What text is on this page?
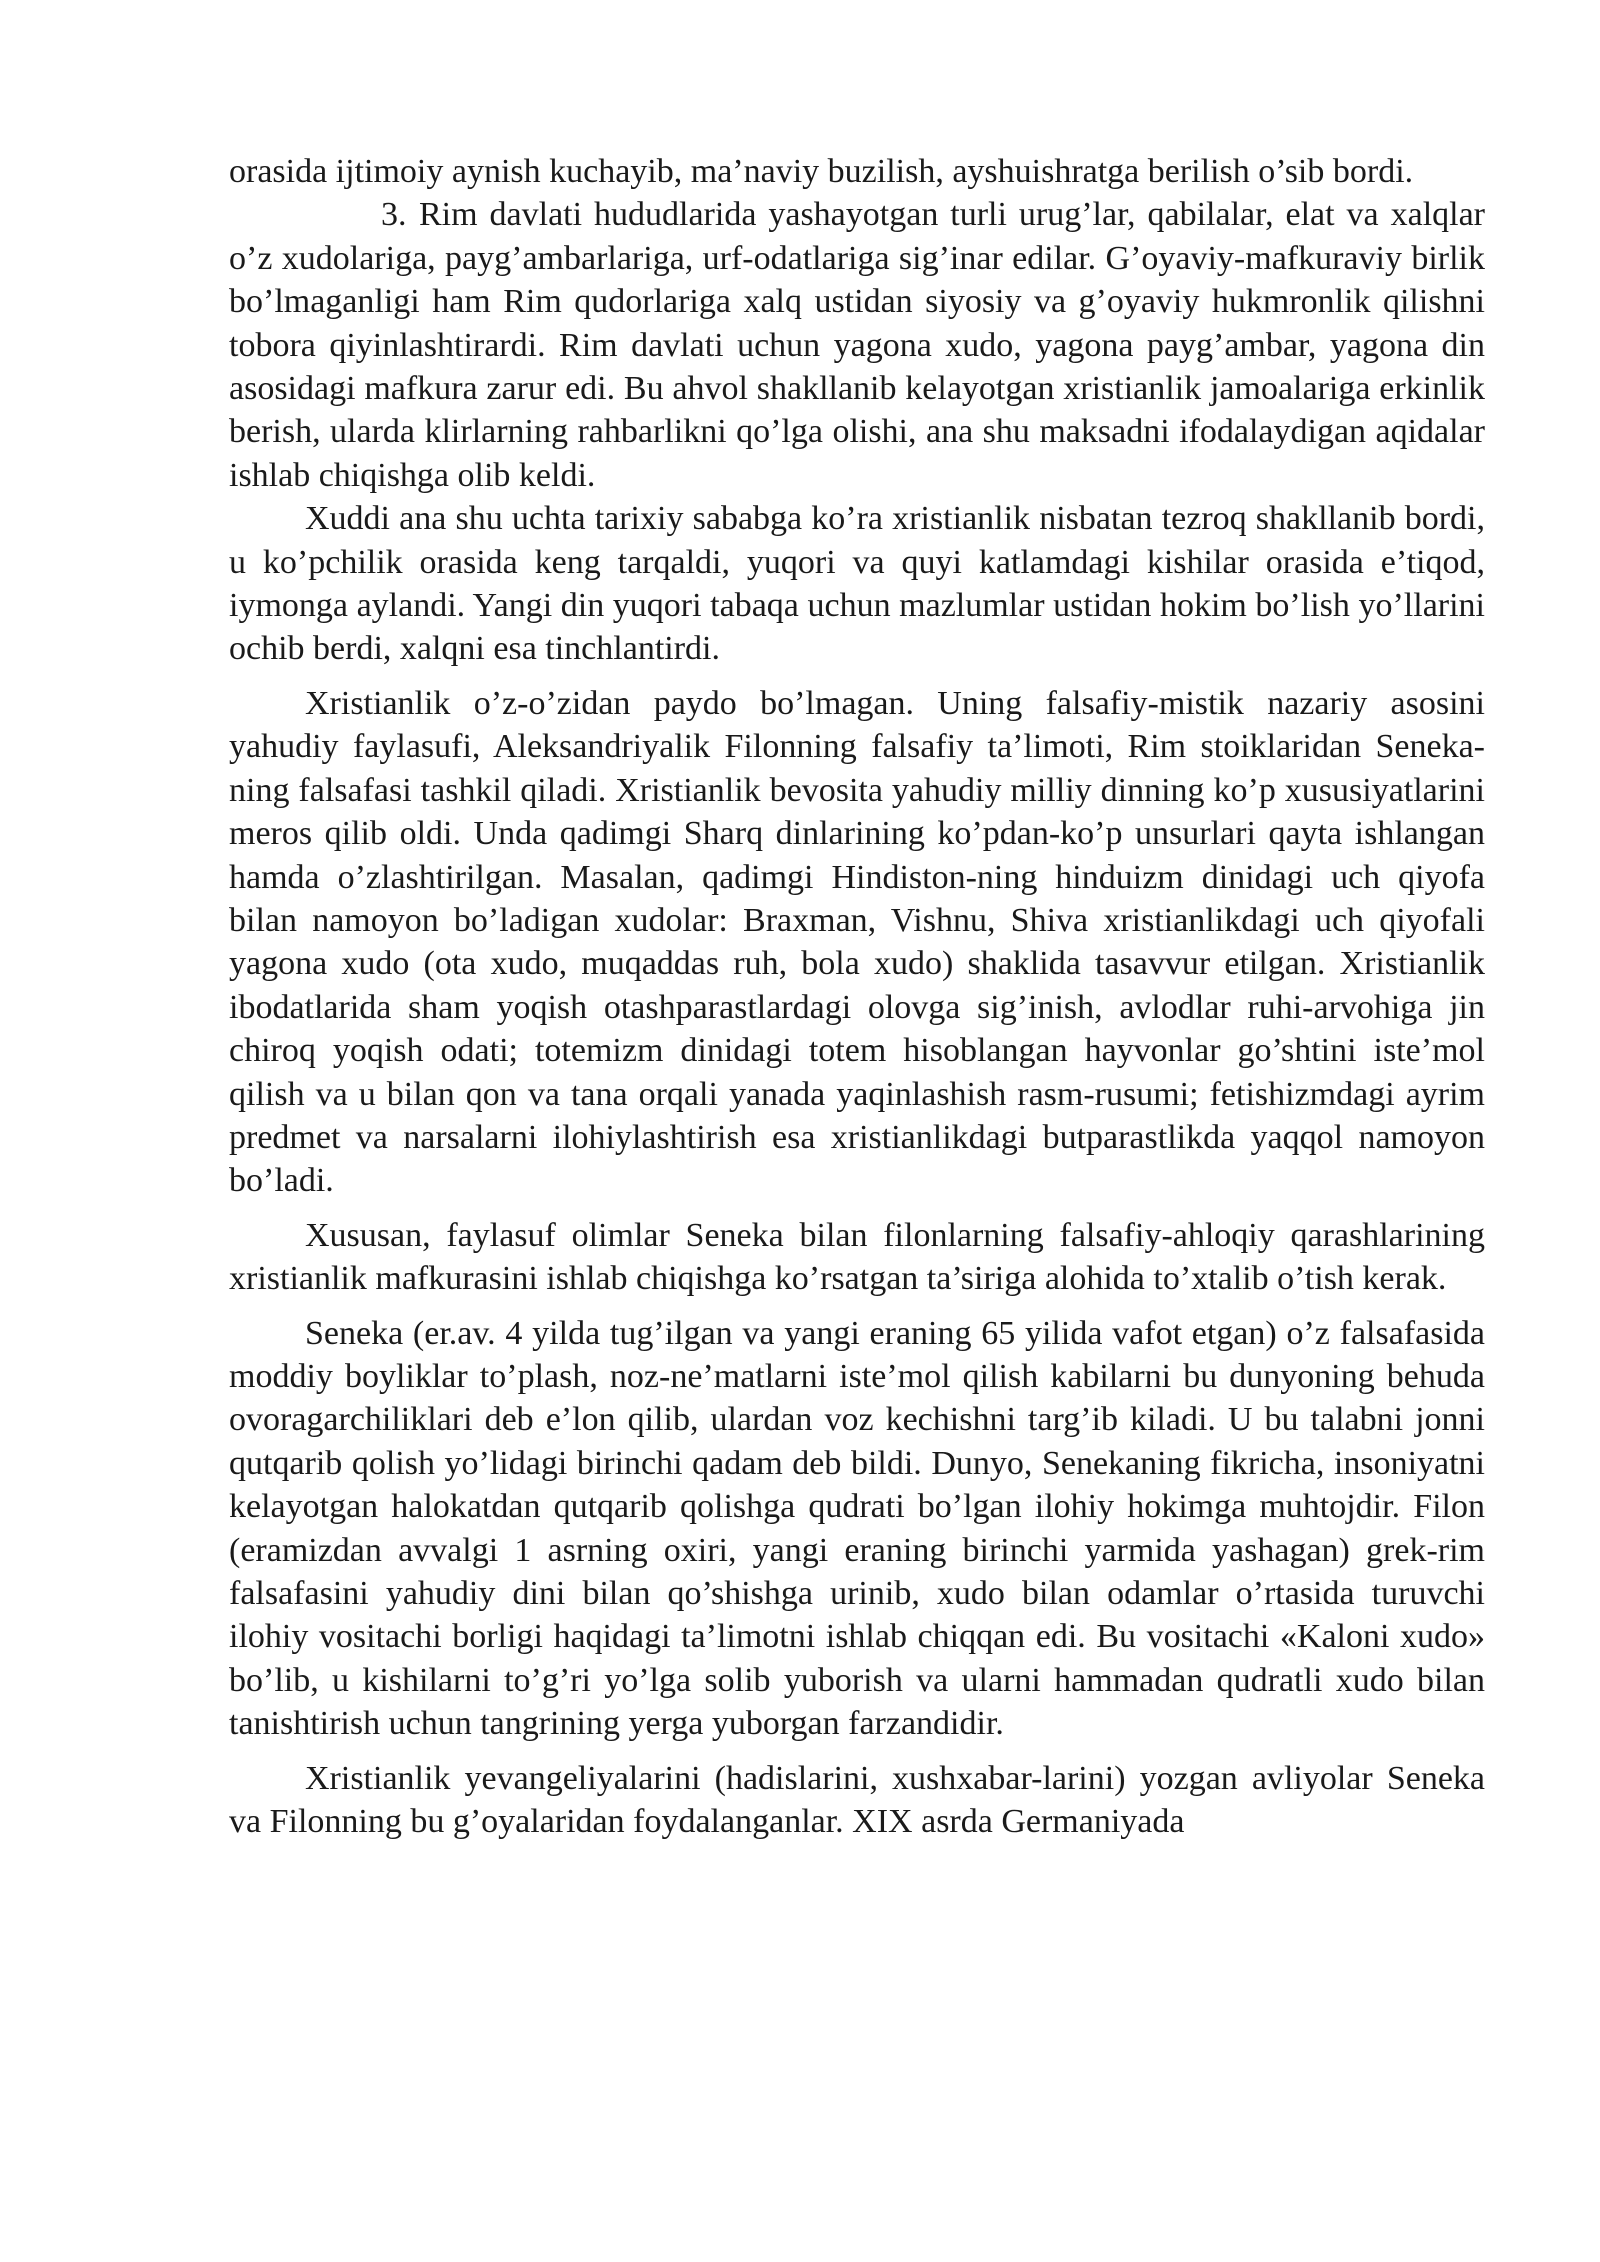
orasida ijtimoiy aynish kuchayib, ma’naviy buzilish, ayshuishratga berilish o’sib bordi.

3. Rim davlati hududlarida yashayotgan turli urug’lar, qabilalar, elat va xalqlar o’z xudolariga, payg’ambarlariga, urf-odatlariga sig’inar edilar. G’oyaviy-mafkuraviy birlik bo’lmaganligi ham Rim qudorlariga xalq ustidan siyosiy va g’oyaviy hukmronlik qilishni tobora qiyinlashtirardi. Rim davlati uchun yagona xudo, yagona payg’ambar, yagona din asosidagi mafkura zarur edi. Bu ahvol shakllanib kelayotgan xristianlik jamoalariga erkinlik berish, ularda klirlarning rahbarlikni qo’lga olishi, ana shu maksadni ifodalaydigan aqidalar ishlab chiqishga olib keldi.

Xuddi ana shu uchta tarixiy sababga ko’ra xristianlik nisbatan tezroq shakllanib bordi, u ko’pchilik orasida keng tarqaldi, yuqori va quyi katlamdagi kishilar orasida e’tiqod, iymonga aylandi. Yangi din yuqori tabaqa uchun mazlumlar ustidan hokim bo’lish yo’llarini ochib berdi, xalqni esa tinchlantirdi.

Xristianlik o’z-o’zidan paydo bo’lmagan. Uning falsafiy-mistik nazariy asosini yahudiy faylasufi, Aleksandriyalik Filonning falsafiy ta’limoti, Rim stoiklaridan Seneka-ning falsafasi tashkil qiladi. Xristianlik bevosita yahudiy milliy dinning ko’p xususiyatlarini meros qilib oldi. Unda qadimgi Sharq dinlarining ko’pdan-ko’p unsurlari qayta ishlangan hamda o’zlashtirilgan. Masalan, qadimgi Hindiston-ning hinduizm dinidagi uch qiyofa bilan namoyon bo’ladigan xudolar: Braxman, Vishnu, Shiva xristianlikdagi uch qiyofali yagona xudo (ota xudo, muqaddas ruh, bola xudo) shaklida tasavvur etilgan. Xristianlik ibodatlarida sham yoqish otashparastlardagi olovga sig’inish, avlodlar ruhi-arvohiga jin chiroq yoqish odati; totemizm dinidagi totem hisoblangan hayvonlar go’shtini iste’mol qilish va u bilan qon va tana orqali yanada yaqinlashish rasm-rusumi; fetishizmdagi ayrim predmet va narsalarni ilohiylashtirish esa xristianlikdagi butparastlikda yaqqol namoyon bo’ladi.

Xususan, faylasuf olimlar Seneka bilan filonlarning falsafiy-ahloqiy qarashlarining xristianlik mafkurasini ishlab chiqishga ko’rsatgan ta’siriga alohida to’xtalib o’tish kerak.

Seneka (er.av. 4 yilda tug’ilgan va yangi eraning 65 yilida vafot etgan) o’z falsafasida moddiy boyliklar to’plash, noz-ne’matlarni iste’mol qilish kabilarni bu dunyoning behuda ovoragarchiliklari deb e’lon qilib, ulardan voz kechishni targ’ib kiladi. U bu talabni jonni qutqarib qolish yo’lidagi birinchi qadam deb bildi. Dunyo, Senekaning fikricha, insoniyatni kelayotgan halokatdan qutqarib qolishga qudrati bo’lgan ilohiy hokimga muhtojdir. Filon (eramizdan avvalgi 1 asrning oxiri, yangi eraning birinchi yarmida yashagan) grek-rim falsafasini yahudiy dini bilan qo’shishga urinib, xudo bilan odamlar o’rtasida turuvchi ilohiy vositachi borligi haqidagi ta’limotni ishlab chiqqan edi. Bu vositachi «Kaloni xudo» bo’lib, u kishilarni to’g’ri yo’lga solib yuborish va ularni hammadan qudratli xudo bilan tanishtirish uchun tangrining yerga yuborgan farzandidir.

Xristianlik yevangeliyalarini (hadislarini, xushxabar-larini) yozgan avliyolar Seneka va Filonning bu g’oyalaridan foydalanganlar. XIX asrda Germaniyada
